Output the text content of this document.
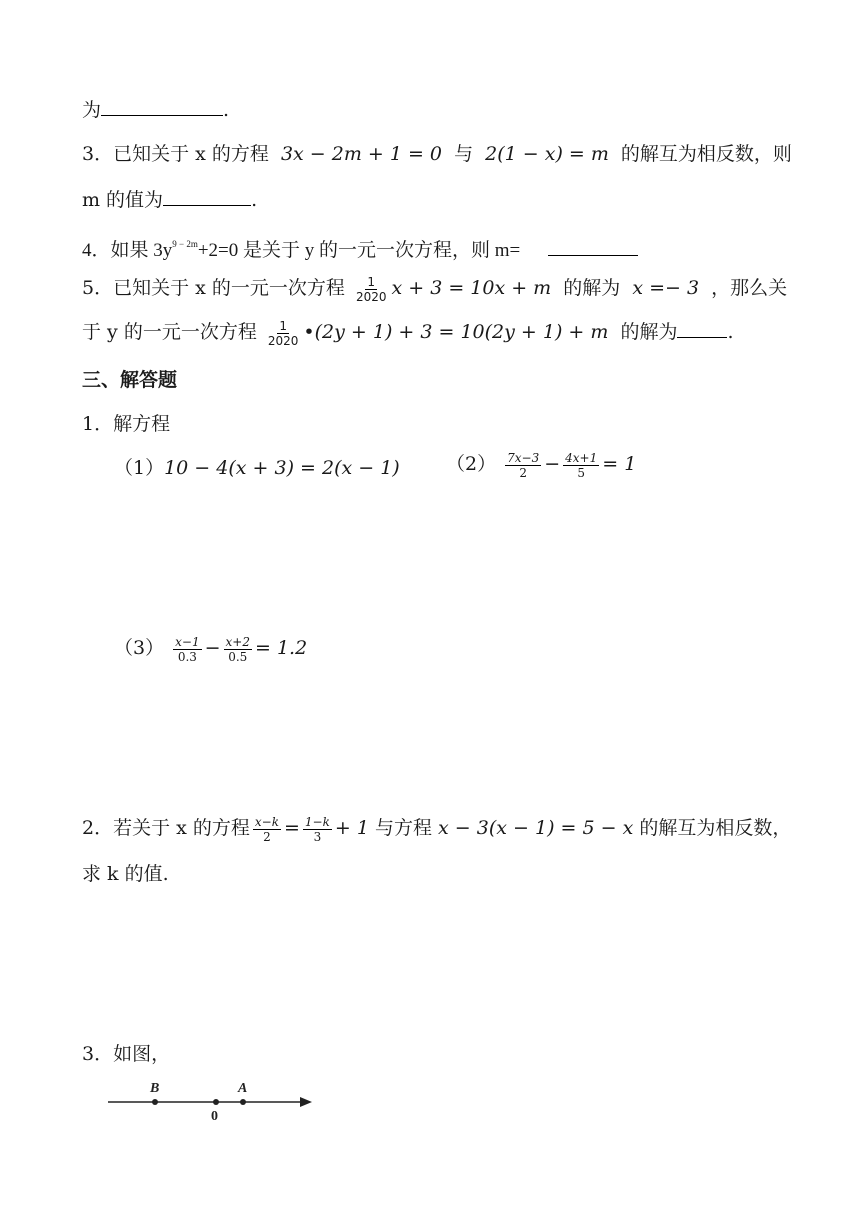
为	.
3．已知关于 x 的方程 3x − 2m + 1 = 0 与 2(1 − x) = m 的解互为相反数，则
m 的值为	.
4．如果 $3y^{9 - 2m}+2=0$ 是关于 y 的一元一次方程，则 m=
5．已知关于 x 的一元一次方程 $\frac{1}{2020}$ x + 3 = 10x + m 的解为 x =− 3 ，那么关
于 y 的一元一次方程 $\frac{1}{2020}$ •(2y + 1) + 3 = 10(2y + 1) + m 的解为	.
三、解答题
1．解方程
（1）10 − 4(x + 3) = 2(x − 1) $(2) \frac{7x-3}{2} - \frac{4x+1}{5} = 1$
$(3) \frac{x-1}{0.3} - \frac{x+2}{0.5} = 1.2$
2．若关于 x 的方程 $\frac{x-k}{2} = \frac{1-k}{3} + 1$ 与方程 x − 3(x − 1) = 5 − x 的解互为相反数，
求 k 的值.
3．如图，
B	A
0
